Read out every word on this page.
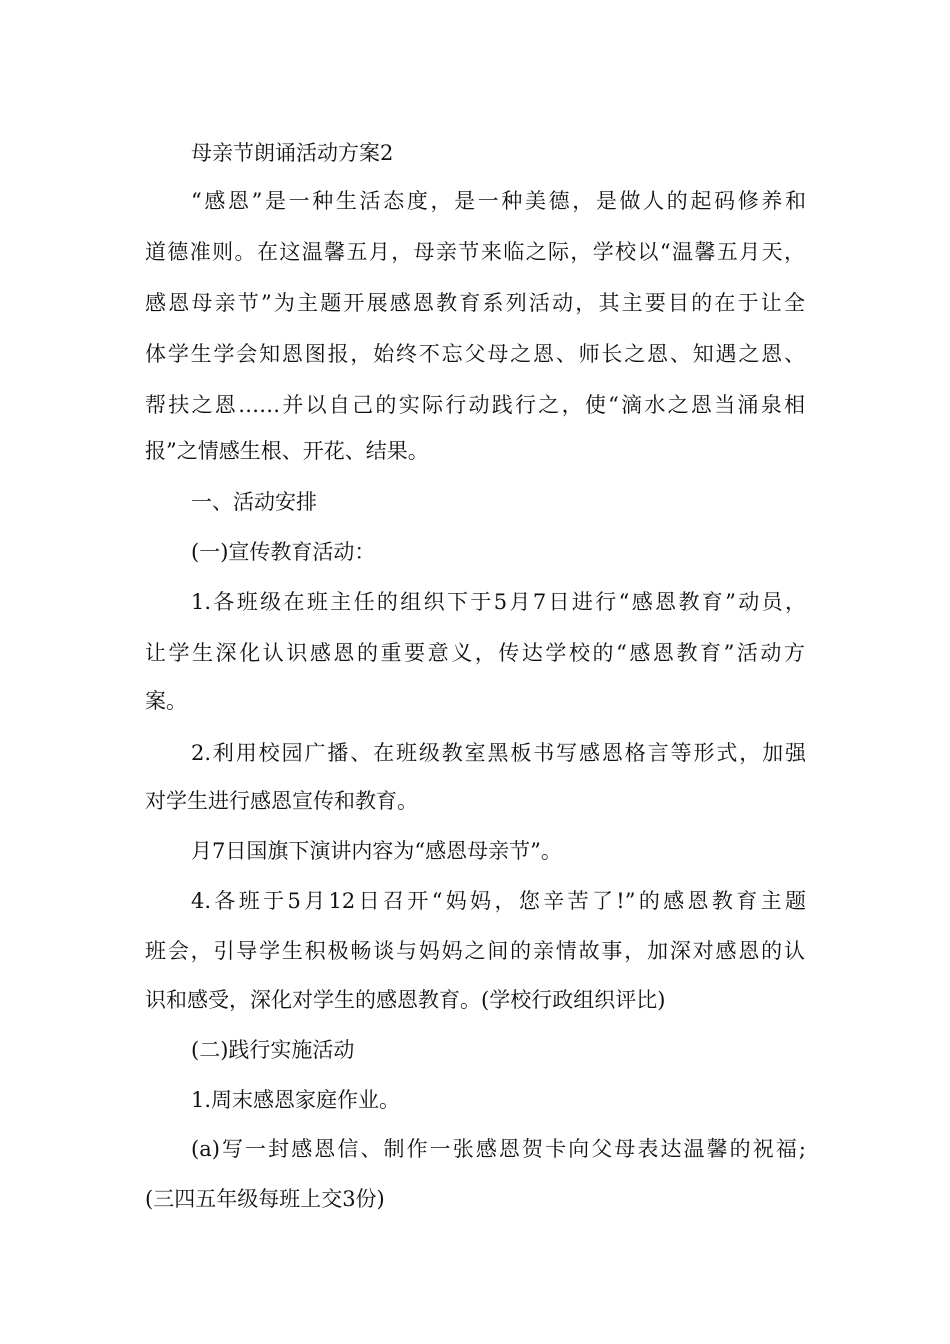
母亲节朗诵活动方案2
“感恩”是一种生活态度，是一种美德，是做人的起码修养和
道德准则。在这温馨五月，母亲节来临之际，学校以“温馨五月天，
感恩母亲节”为主题开展感恩教育系列活动，其主要目的在于让全
体学生学会知恩图报，始终不忘父母之恩、师长之恩、知遇之恩、
帮扶之恩……并以自己的实际行动践行之，使“滴水之恩当涌泉相
报”之情感生根、开花、结果。
一、活动安排
(一)宣传教育活动：
1.各班级在班主任的组织下于5月7日进行“感恩教育”动员，
让学生深化认识感恩的重要意义，传达学校的“感恩教育”活动方
案。
2.利用校园广播、在班级教室黑板书写感恩格言等形式，加强
对学生进行感恩宣传和教育。
月7日国旗下演讲内容为“感恩母亲节”。
4.各班于5月12日召开“妈妈，您辛苦了!”的感恩教育主题
班会，引导学生积极畅谈与妈妈之间的亲情故事，加深对感恩的认
识和感受，深化对学生的感恩教育。(学校行政组织评比)
(二)践行实施活动
1.周末感恩家庭作业。
(a)写一封感恩信、制作一张感恩贺卡向父母表达温馨的祝福;
(三四五年级每班上交3份)
